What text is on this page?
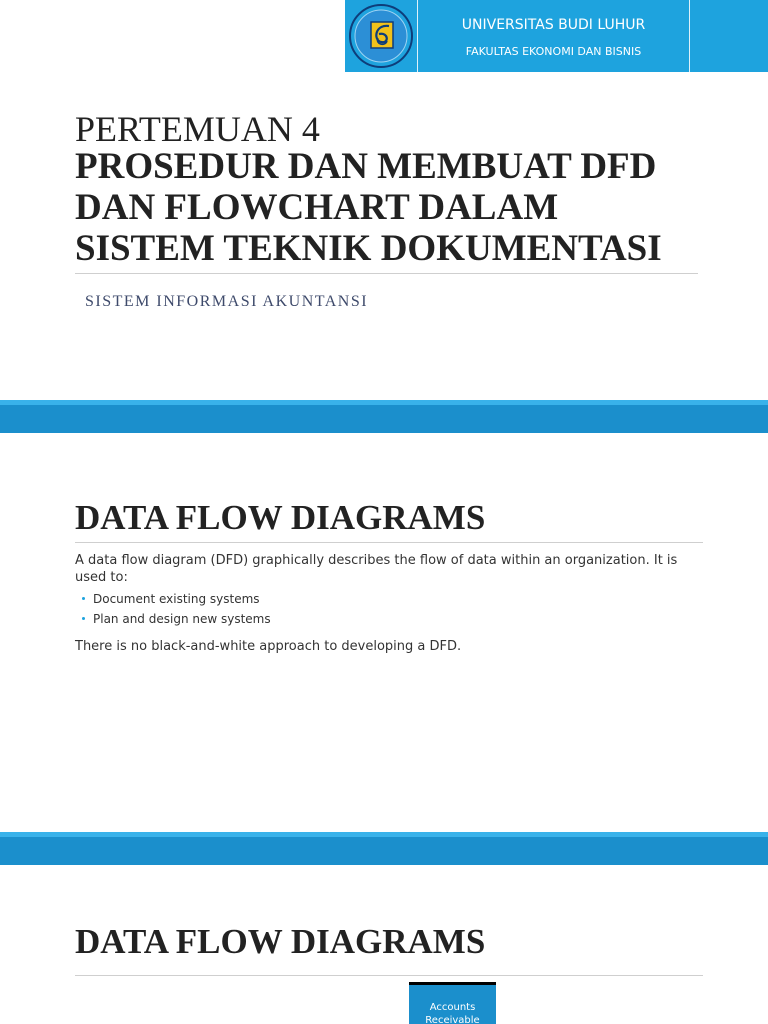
UNIVERSITAS BUDI LUHUR
FAKULTAS EKONOMI DAN BISNIS
PERTEMUAN 4
PROSEDUR DAN MEMBUAT DFD
DAN FLOWCHART DALAM
SISTEM TEKNIK DOKUMENTASI
SISTEM INFORMASI AKUNTANSI
DATA FLOW DIAGRAMS

A data flow diagram (DFD) graphically describes the flow of data within an organization. It is used to:

Document existing systems
Plan and design new systems

There is no black-and-white approach to developing a DFD.

DATA FLOW DIAGRAMS
Accounts
Receivable
